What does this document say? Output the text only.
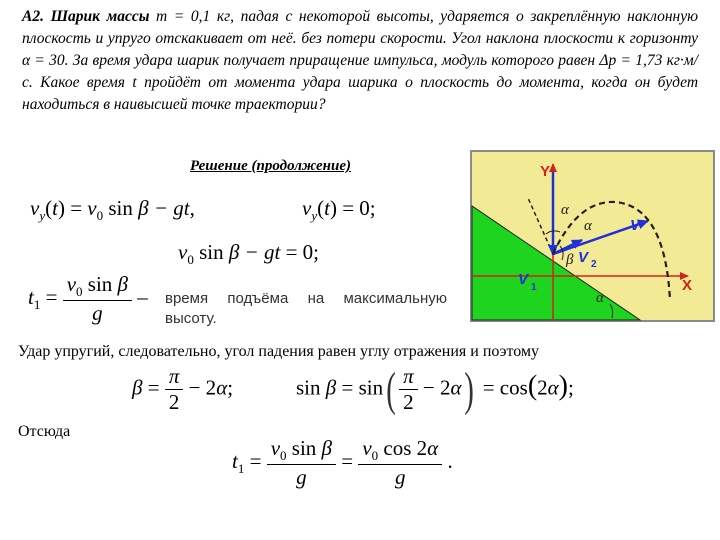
А2. Шарик массы m = 0,1 кг, падая с некоторой высоты, ударяется о закреплённую наклонную плоскость и упруго отскакивает от неё. без потери скорости. Угол наклона плоскости к горизонту α = 30. За время удара шарик получает приращение импульса, модуль которого равен Δp = 1,73 кг·м/с. Какое время t пройдёт от момента удара шарика о плоскость до момента, когда он будет находиться в наивысшей точке траектории?
Решение (продолжение)
$v_y(t) = v_0$ sin β − gt,	$v_y(t) = 0$;
$v_0$ sin β − gt = 0;
$t_1 = \frac{v_0 \sin \beta}{g}$ – время подъёма на максимальную высоту.
Удар упругий, следовательно, угол падения равен углу отражения и поэтому
$\beta = \frac{\pi}{2} - 2\alpha$;	$\sin \beta = \sin( \frac{\pi}{2} - 2\alpha) = \cos(2\alpha)$;
Отсюда
$t_1 = \frac{v_0 \sin \beta}{g} = \frac{v_0 \cos 2\alpha}{g}$ .
Y
X
α
α
β
α
V
V 1
V 2
